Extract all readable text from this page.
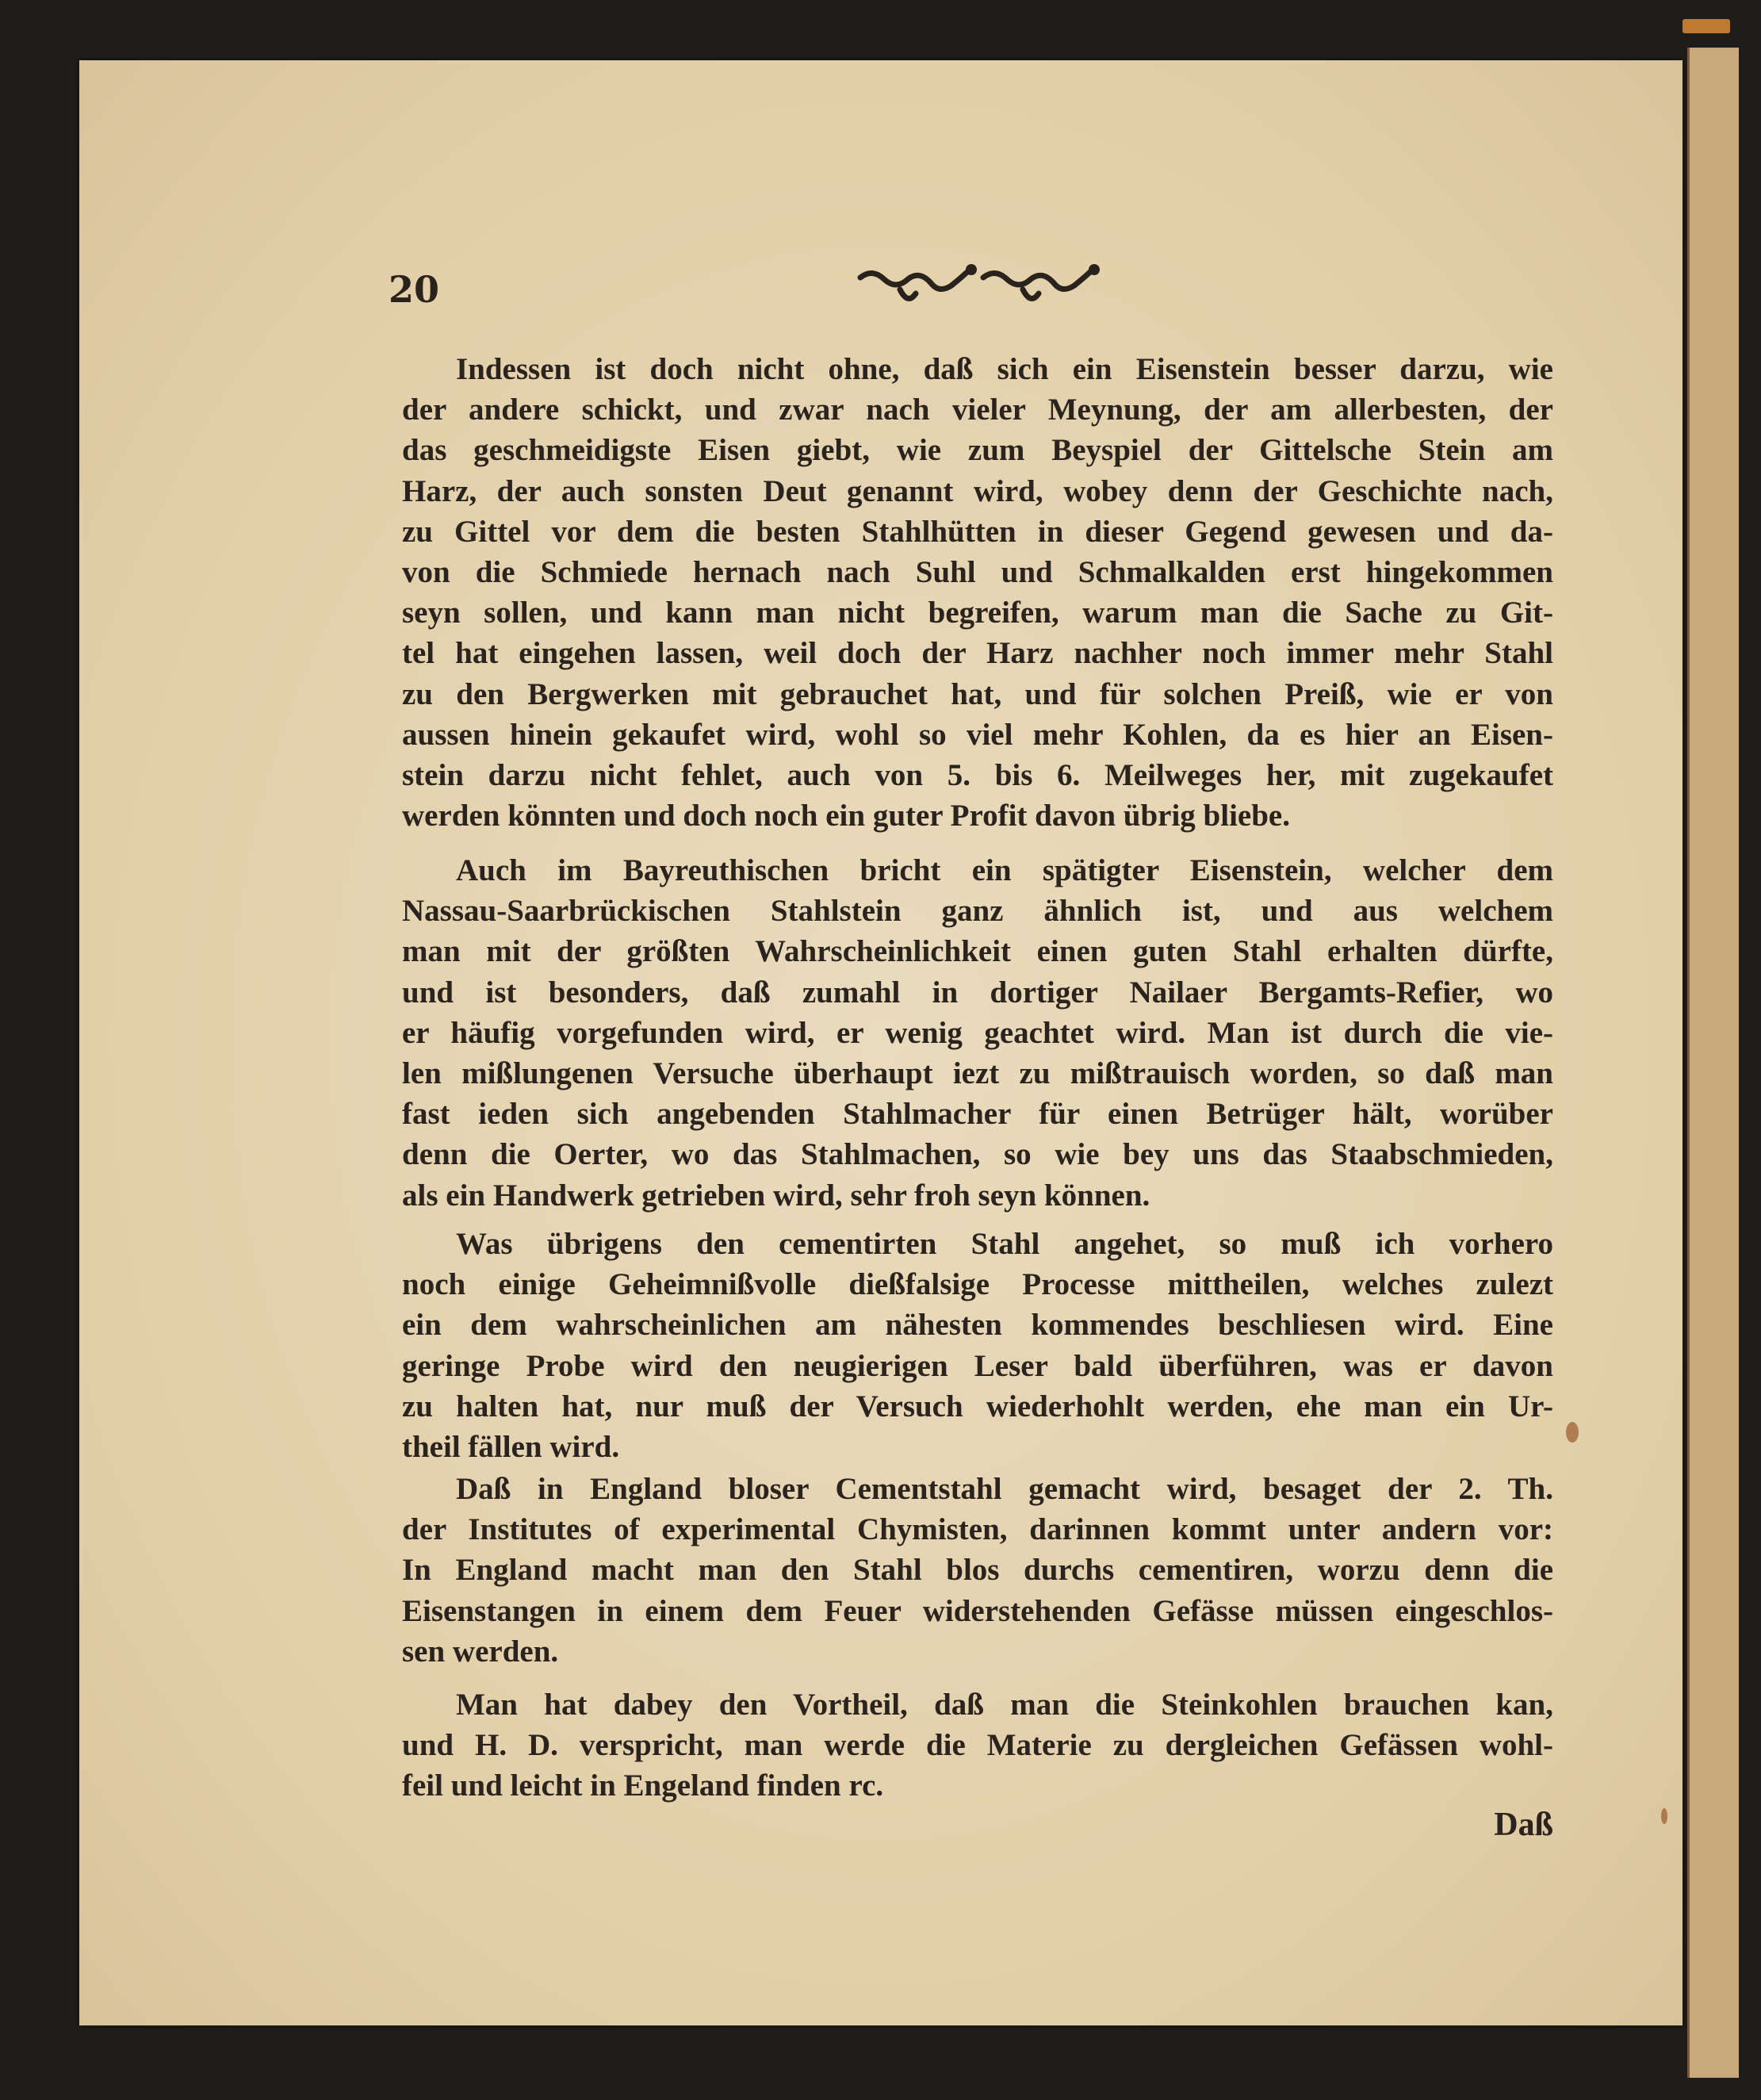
20
Indessen ist doch nicht ohne, daß sich ein Eisenstein besser darzu, wie
der andere schickt, und zwar nach vieler Meynung, der am allerbesten, der
das geschmeidigste Eisen giebt, wie zum Beyspiel der Gittelsche Stein am
Harz, der auch sonsten Deut genannt wird, wobey denn der Geschichte nach,
zu Gittel vor dem die besten Stahlhütten in dieser Gegend gewesen und da-
von die Schmiede hernach nach Suhl und Schmalkalden erst hingekommen
seyn sollen, und kann man nicht begreifen, warum man die Sache zu Git-
tel hat eingehen lassen, weil doch der Harz nachher noch immer mehr Stahl
zu den Bergwerken mit gebrauchet hat, und für solchen Preiß, wie er von
aussen hinein gekaufet wird, wohl so viel mehr Kohlen, da es hier an Eisen-
stein darzu nicht fehlet, auch von 5. bis 6. Meilweges her, mit zugekaufet
werden könnten und doch noch ein guter Profit davon übrig bliebe.
Auch im Bayreuthischen bricht ein spätigter Eisenstein, welcher dem
Nassau-Saarbrückischen Stahlstein ganz ähnlich ist, und aus welchem
man mit der größten Wahrscheinlichkeit einen guten Stahl erhalten dürfte,
und ist besonders, daß zumahl in dortiger Nailaer Bergamts-Refier, wo
er häufig vorgefunden wird, er wenig geachtet wird. Man ist durch die vie-
len mißlungenen Versuche überhaupt iezt zu mißtrauisch worden, so daß man
fast ieden sich angebenden Stahlmacher für einen Betrüger hält, worüber
denn die Oerter, wo das Stahlmachen, so wie bey uns das Staabschmieden,
als ein Handwerk getrieben wird, sehr froh seyn können.
Was übrigens den cementirten Stahl angehet, so muß ich vorhero
noch einige Geheimnißvolle dießfalsige Processe mittheilen, welches zulezt
ein dem wahrscheinlichen am nähesten kommendes beschliesen wird. Eine
geringe Probe wird den neugierigen Leser bald überführen, was er davon
zu halten hat, nur muß der Versuch wiederhohlt werden, ehe man ein Ur-
theil fällen wird.
Daß in England bloser Cementstahl gemacht wird, besaget der 2. Th.
der Institutes of experimental Chymisten, darinnen kommt unter andern vor:
In England macht man den Stahl blos durchs cementiren, worzu denn die
Eisenstangen in einem dem Feuer widerstehenden Gefässe müssen eingeschlos-
sen werden.
Man hat dabey den Vortheil, daß man die Steinkohlen brauchen kan,
und H. D. verspricht, man werde die Materie zu dergleichen Gefässen wohl-
feil und leicht in Engeland finden rc.
Daß
